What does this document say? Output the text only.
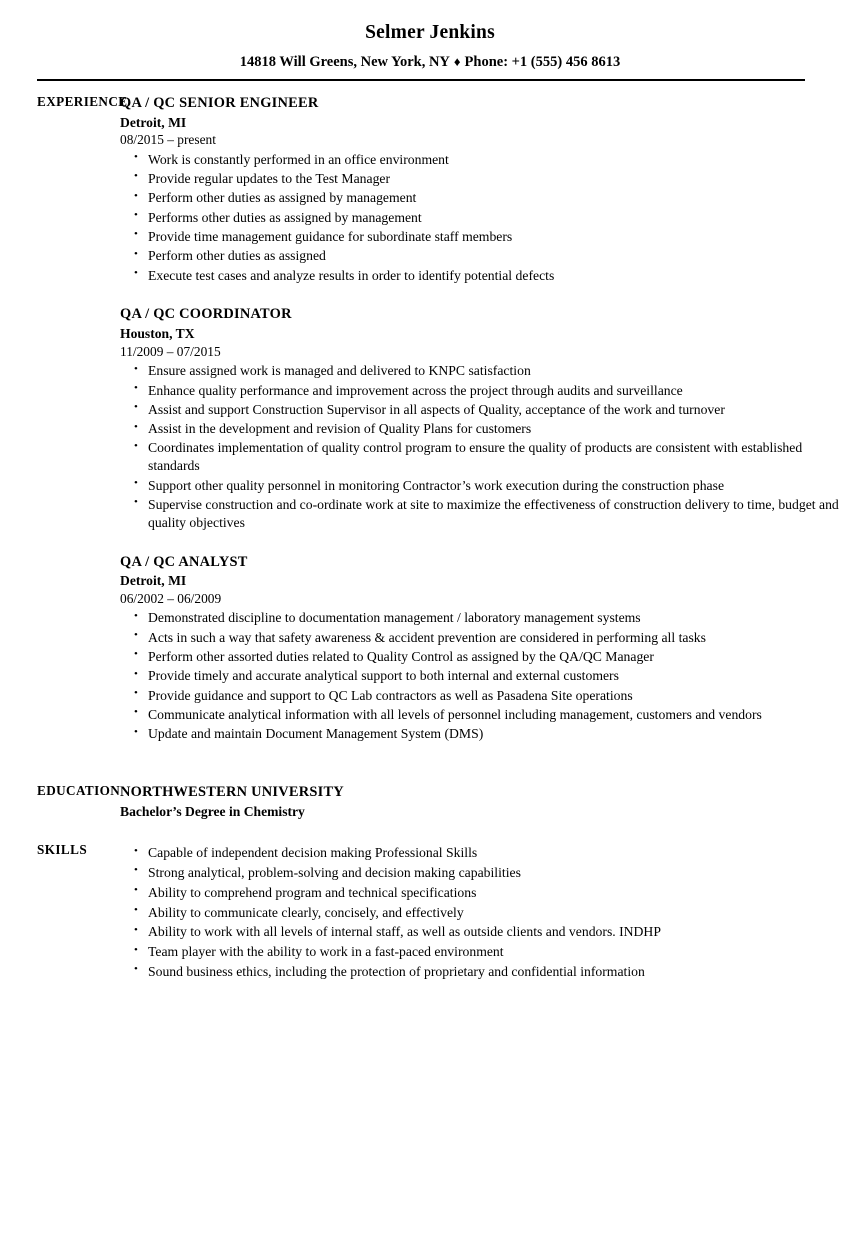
Selmer Jenkins
14818 Will Greens, New York, NY ♦ Phone: +1 (555) 456 8613
EXPERIENCE
QA / QC SENIOR ENGINEER
Detroit, MI
08/2015 – present
• Work is constantly performed in an office environment
• Provide regular updates to the Test Manager
• Perform other duties as assigned by management
• Performs other duties as assigned by management
• Provide time management guidance for subordinate staff members
• Perform other duties as assigned
• Execute test cases and analyze results in order to identify potential defects
QA / QC COORDINATOR
Houston, TX
11/2009 – 07/2015
• Ensure assigned work is managed and delivered to KNPC satisfaction
• Enhance quality performance and improvement across the project through audits and surveillance
• Assist and support Construction Supervisor in all aspects of Quality, acceptance of the work and turnover
• Assist in the development and revision of Quality Plans for customers
• Coordinates implementation of quality control program to ensure the quality of products are consistent with established standards
• Support other quality personnel in monitoring Contractor’s work execution during the construction phase
• Supervise construction and co-ordinate work at site to maximize the effectiveness of construction delivery to time, budget and quality objectives
QA / QC ANALYST
Detroit, MI
06/2002 – 06/2009
• Demonstrated discipline to documentation management / laboratory management systems
• Acts in such a way that safety awareness & accident prevention are considered in performing all tasks
• Perform other assorted duties related to Quality Control as assigned by the QA/QC Manager
• Provide timely and accurate analytical support to both internal and external customers
• Provide guidance and support to QC Lab contractors as well as Pasadena Site operations
• Communicate analytical information with all levels of personnel including management, customers and vendors
• Update and maintain Document Management System (DMS)
EDUCATION NORTHWESTERN UNIVERSITY
Bachelor’s Degree in Chemistry
SKILLS	• Capable of independent decision making Professional Skills
• Strong analytical, problem-solving and decision making capabilities
• Ability to comprehend program and technical specifications
• Ability to communicate clearly, concisely, and effectively
• Ability to work with all levels of internal staff, as well as outside clients and vendors. INDHP
• Team player with the ability to work in a fast-paced environment
• Sound business ethics, including the protection of proprietary and confidential information
